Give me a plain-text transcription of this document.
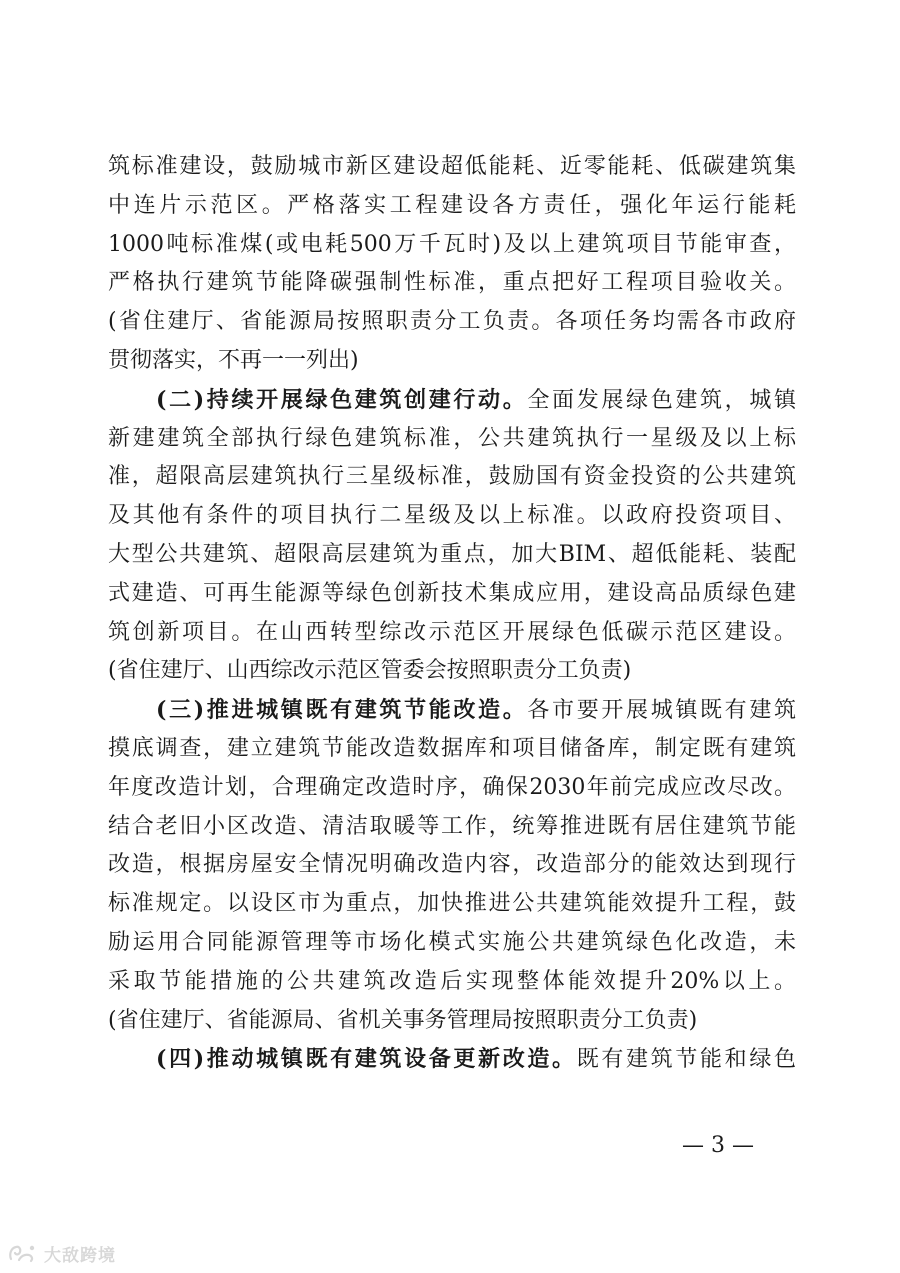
筑标准建设，鼓励城市新区建设超低能耗、近零能耗、低碳建筑集
中连片示范区。严格落实工程建设各方责任，强化年运行能耗
1000吨标准煤(或电耗500万千瓦时)及以上建筑项目节能审查，
严格执行建筑节能降碳强制性标准，重点把好工程项目验收关。
(省住建厅、省能源局按照职责分工负责。各项任务均需各市政府
贯彻落实，不再一一列出)
(二)持续开展绿色建筑创建行动。全面发展绿色建筑，城镇
新建建筑全部执行绿色建筑标准，公共建筑执行一星级及以上标
准，超限高层建筑执行三星级标准，鼓励国有资金投资的公共建筑
及其他有条件的项目执行二星级及以上标准。以政府投资项目、
大型公共建筑、超限高层建筑为重点，加大BIM、超低能耗、装配
式建造、可再生能源等绿色创新技术集成应用，建设高品质绿色建
筑创新项目。在山西转型综改示范区开展绿色低碳示范区建设。
(省住建厅、山西综改示范区管委会按照职责分工负责)
(三)推进城镇既有建筑节能改造。各市要开展城镇既有建筑
摸底调查，建立建筑节能改造数据库和项目储备库，制定既有建筑
年度改造计划，合理确定改造时序，确保2030年前完成应改尽改。
结合老旧小区改造、清洁取暖等工作，统筹推进既有居住建筑节能
改造，根据房屋安全情况明确改造内容，改造部分的能效达到现行
标准规定。以设区市为重点，加快推进公共建筑能效提升工程，鼓
励运用合同能源管理等市场化模式实施公共建筑绿色化改造，未
采取节能措施的公共建筑改造后实现整体能效提升20%以上。
(省住建厅、省能源局、省机关事务管理局按照职责分工负责)
(四)推动城镇既有建筑设备更新改造。既有建筑节能和绿色
— 3 —
大敌跨境
